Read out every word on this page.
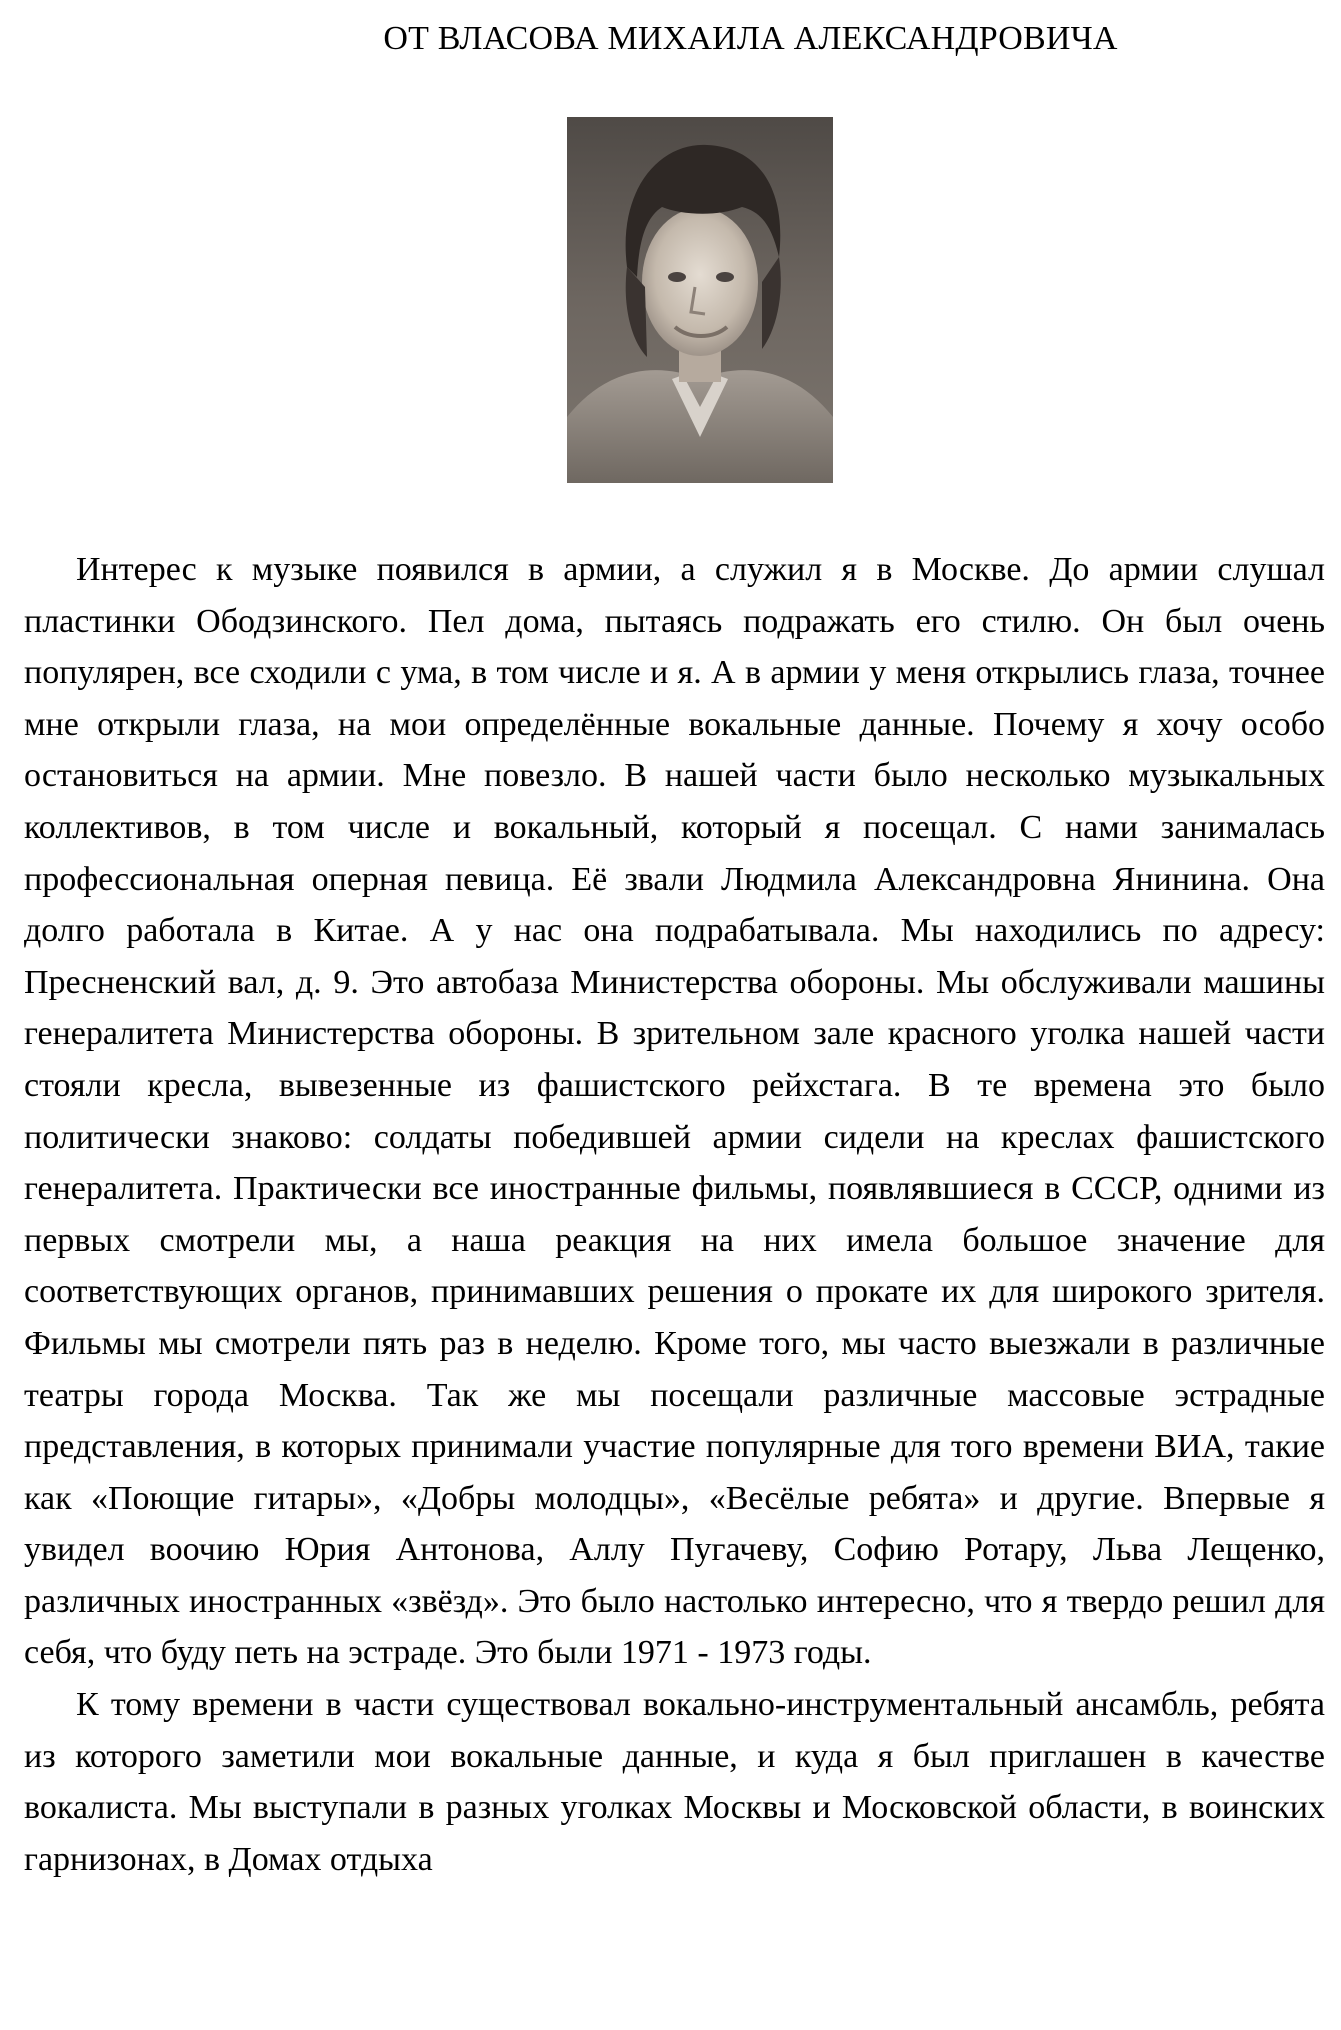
ОТ ВЛАСОВА МИХАИЛА АЛЕКСАНДРОВИЧА

Интерес к музыке появился в армии, а служил я в Москве. До армии слушал пластинки Ободзинского. Пел дома, пытаясь подражать его стилю. Он был очень популярен, все сходили с ума, в том числе и я. А в армии у меня открылись глаза, точнее мне открыли глаза, на мои определённые вокальные данные. Почему я хочу особо остановиться на армии. Мне повезло. В нашей части было несколько музыкальных коллективов, в том числе и вокальный, который я посещал. С нами занималась профессиональная оперная певица. Её звали Людмила Александровна Янинина. Она долго работала в Китае. А у нас она подрабатывала. Мы находились по адресу: Пресненский вал, д. 9. Это автобаза Министерства обороны. Мы обслуживали машины генералитета Министерства обороны. В зрительном зале красного уголка нашей части стояли кресла, вывезенные из фашистского рейхстага. В те времена это было политически знаково: солдаты победившей армии сидели на креслах фашистского генералитета. Практически все иностранные фильмы, появлявшиеся в СССР, одними из первых смотрели мы, а наша реакция на них имела большое значение для соответствующих органов, принимавших решения о прокате их для широкого зрителя. Фильмы мы смотрели пять раз в неделю. Кроме того, мы часто выезжали в различные театры города Москва. Так же мы посещали различные массовые эстрадные представления, в которых принимали участие популярные для того времени ВИА, такие как «Поющие гитары», «Добры молодцы», «Весёлые ребята» и другие. Впервые я увидел воочию Юрия Антонова, Аллу Пугачеву, Софию Ротару, Льва Лещенко, различных иностранных «звёзд». Это было настолько интересно, что я твердо решил для себя, что буду петь на эстраде. Это были 1971 - 1973 годы.

К тому времени в части существовал вокально-инструментальный ансамбль, ребята из которого заметили мои вокальные данные, и куда я был приглашен в качестве вокалиста. Мы выступали в разных уголках Москвы и Московской области, в воинских гарнизонах, в Домах отдыха
